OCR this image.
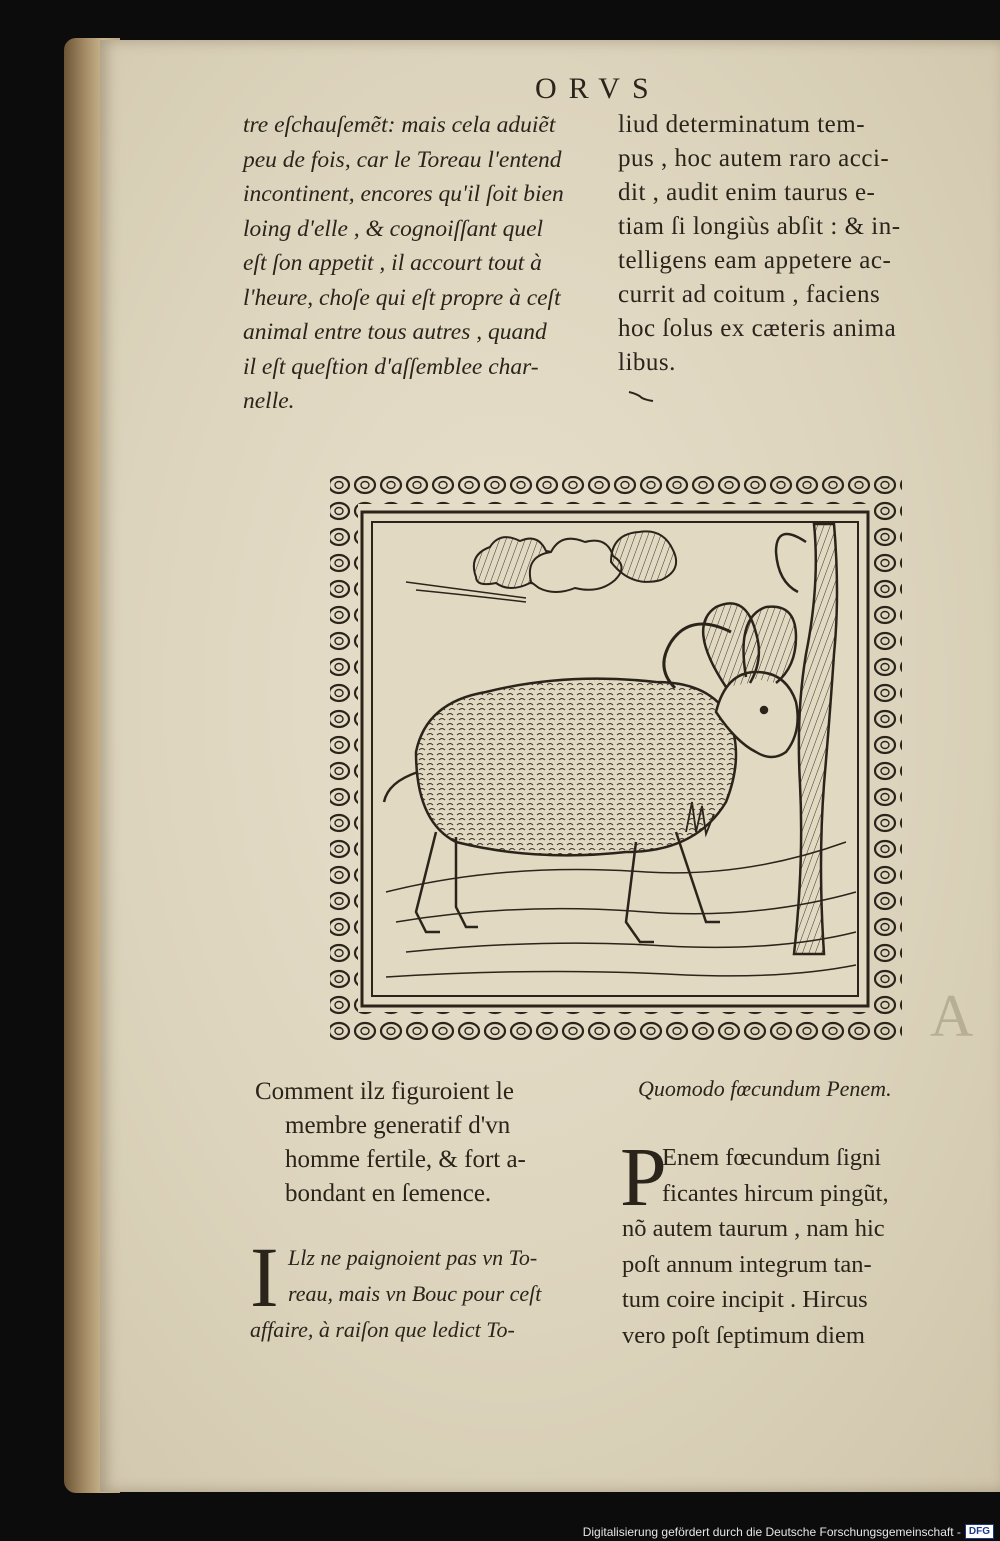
ORVS
tre eſchauſemẽt: mais cela aduiẽt
peu de fois, car le Toreau l'entend
incontinent, encores qu'il ſoit bien
loing d'elle , & cognoiſſant quel
eſt ſon appetit , il accourt tout à
l'heure, choſe qui eſt propre à ceſt
animal entre tous autres , quand
il eſt queſtion d'aſſemblee char-
nelle.
liud determinatum tem-
pus , hoc autem raro acci-
dit , audit enim taurus e-
tiam ſi longiùs abſit : & in-
telligens eam appetere ac-
currit ad coitum , faciens
hoc ſolus ex cæteris anima
libus.
A
Comment ilz figuroient le
membre generatif d'vn
homme fertile, & fort a-
bondant en ſemence.
Quomodo fœcundum Penem.
P
Enem fœcundum ſigni
ficantes hircum pingũt,
nõ autem taurum , nam hic
poſt annum integrum tan-
tum coire incipit . Hircus
vero poſt ſeptimum diem
I Llz ne paignoient pas vn To-
reau, mais vn Bouc pour ceſt
affaire, à raiſon que ledict To-
Digitalisierung gefördert durch die Deutsche Forschungsgemeinschaft - DFG
